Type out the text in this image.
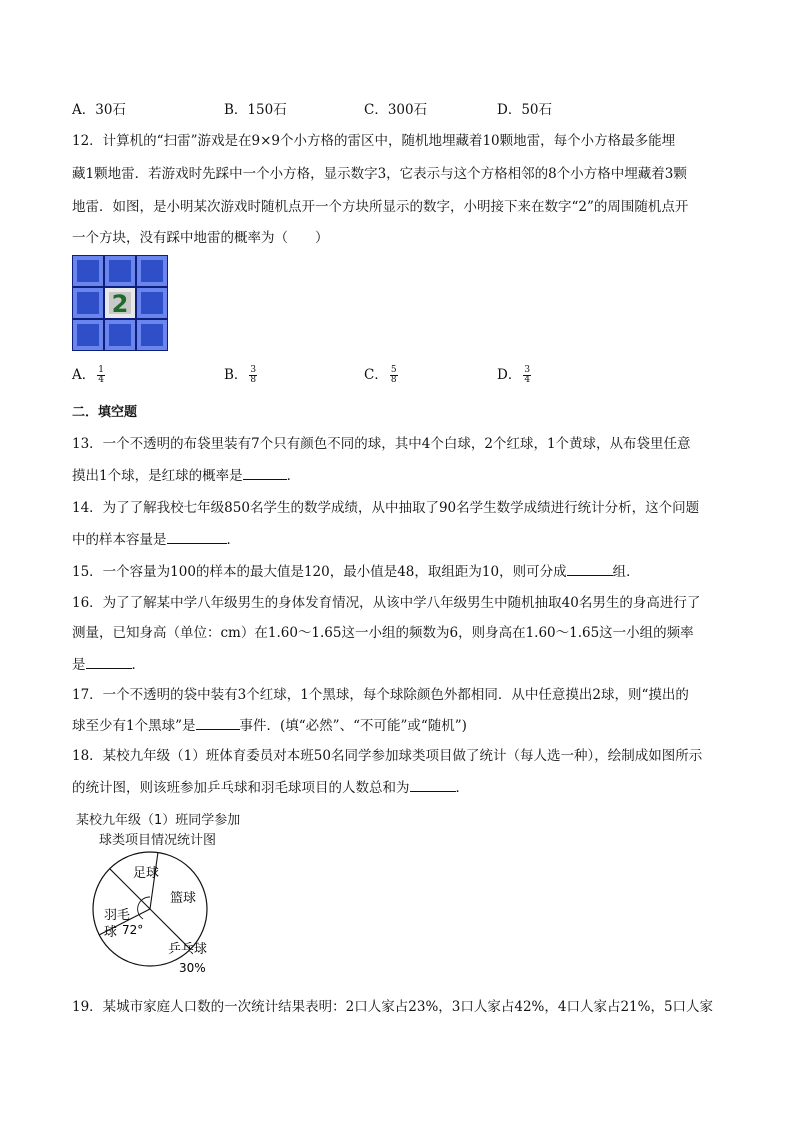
A．30石	B．150石	C．300石	D．50石
12．计算机的“扫雷”游戏是在9×9个小方格的雷区中，随机地埋藏着10颗地雷，每个小方格最多能埋
藏1颗地雷．若游戏时先踩中一个小方格，显示数字3，它表示与这个方格相邻的8个小方格中埋藏着3颗
地雷．如图，是小明某次游戏时随机点开一个方块所显示的数字，小明接下来在数字“2”的周围随机点开
一个方块，没有踩中地雷的概率为（　　）
2
A． $\frac{1}{4}$	B． $\frac{3}{8}$	C． $\frac{5}{8}$	D． $\frac{3}{4}$
二．填空题
13．一个不透明的布袋里装有7个只有颜色不同的球，其中4个白球，2个红球，1个黄球，从布袋里任意
摸出1个球，是红球的概率是	．
14．为了了解我校七年级850名学生的数学成绩，从中抽取了90名学生数学成绩进行统计分析，这个问题
中的样本容量是	．
15．一个容量为100的样本的最大值是120，最小值是48，取组距为10，则可分成	组．
16．为了了解某中学八年级男生的身体发育情况，从该中学八年级男生中随机抽取40名男生的身高进行了
测量，已知身高（单位：cm）在1.60～1.65这一小组的频数为6，则身高在1.60～1.65这一小组的频率
是	．
17．一个不透明的袋中装有3个红球，1个黑球，每个球除颜色外都相同．从中任意摸出2球，则“摸出的
球至少有1个黑球”是	事件．(填“必然”、“不可能”或“随机”)
18．某校九年级（1）班体育委员对本班50名同学参加球类项目做了统计（每人选一种），绘制成如图所示
的统计图，则该班参加乒乓球和羽毛球项目的人数总和为	．
某校九年级（1）班同学参加
球类项目情况统计图
足球
篮球
乒乓球
30%
羽毛
球 72°
19．某城市家庭人口数的一次统计结果表明：2口人家占23%，3口人家占42%，4口人家占21%，5口人家
